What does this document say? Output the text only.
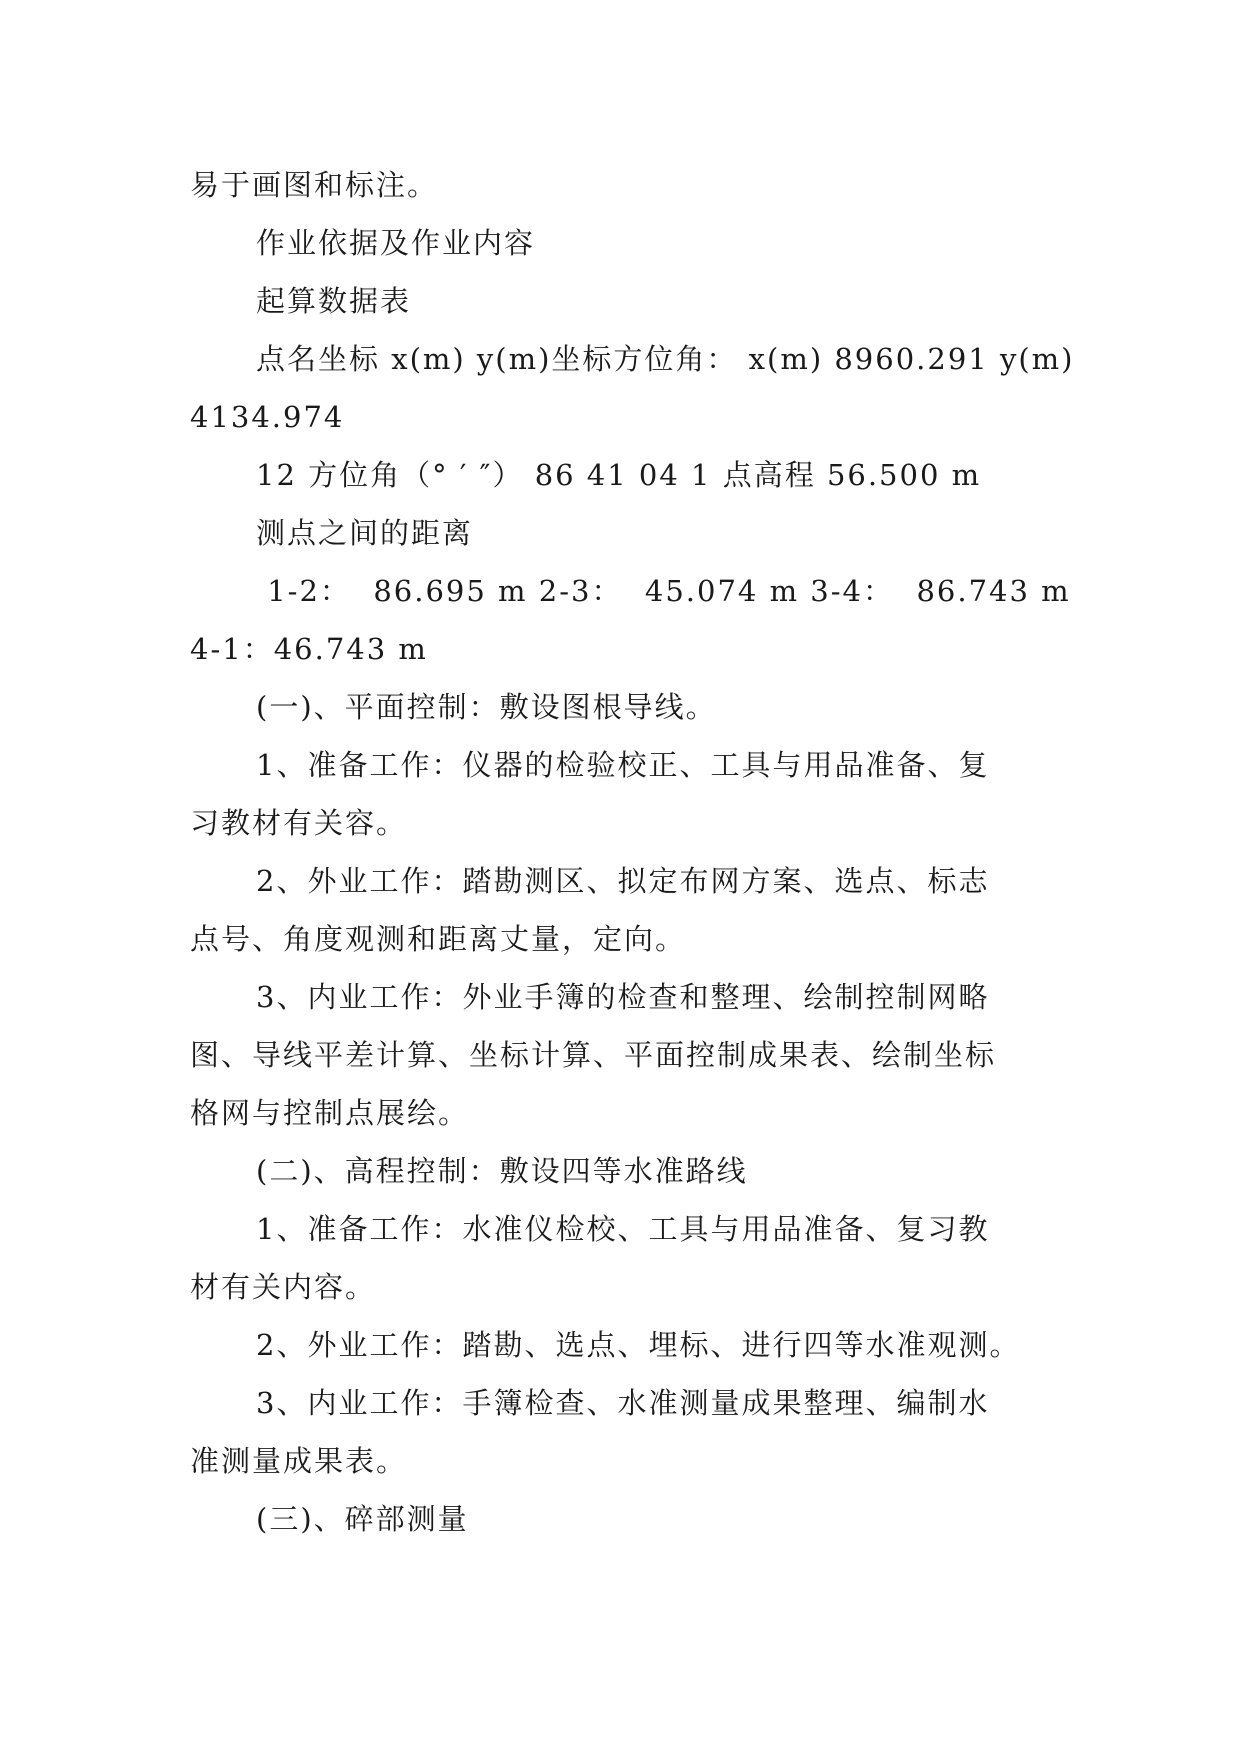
易于画图和标注。
作业依据及作业内容
起算数据表
点名坐标 x(m) y(m)坐标方位角： x(m) 8960.291 y(m)
4134.974
12 方位角（° ′ ″） 86 41 04 1 点高程 56.500 m
测点之间的距离
1-2：  86.695 m 2-3：  45.074 m 3-4：  86.743 m
4-1：46.743 m
(一)、平面控制：敷设图根导线。
1、准备工作：仪器的检验校正、工具与用品准备、复
习教材有关容。
2、外业工作：踏勘测区、拟定布网方案、选点、标志
点号、角度观测和距离丈量，定向。
3、内业工作：外业手簿的检查和整理、绘制控制网略
图、导线平差计算、坐标计算、平面控制成果表、绘制坐标
格网与控制点展绘。
(二)、高程控制：敷设四等水准路线
1、准备工作：水准仪检校、工具与用品准备、复习教
材有关内容。
2、外业工作：踏勘、选点、埋标、进行四等水准观测。
3、内业工作：手簿检查、水准测量成果整理、编制水
准测量成果表。
(三)、碎部测量
